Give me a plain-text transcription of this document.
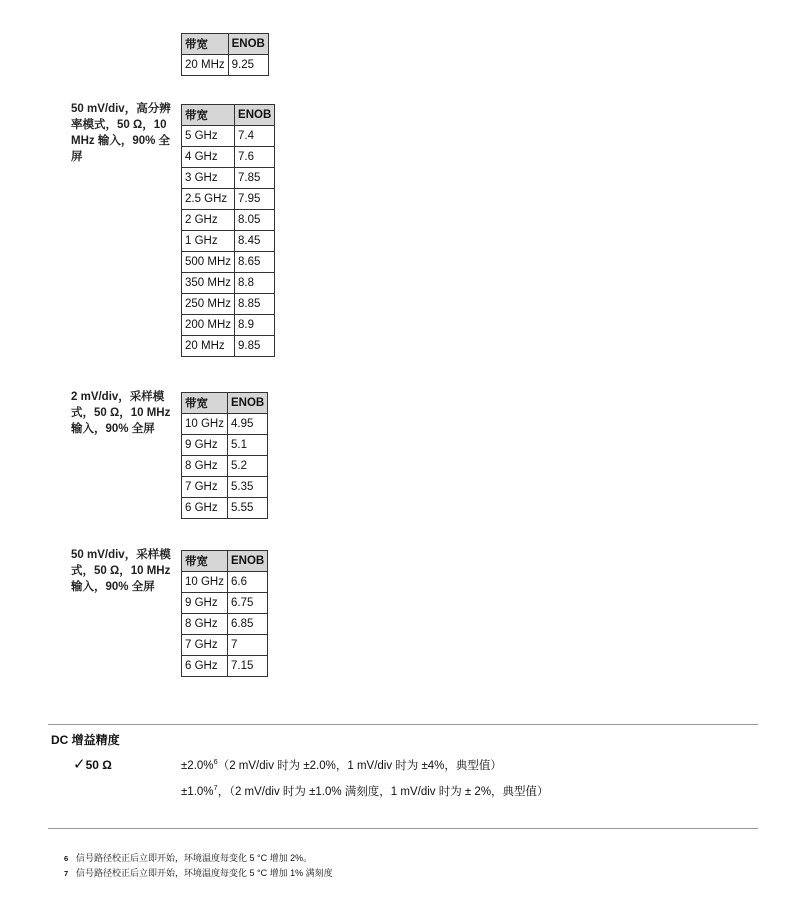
带宽	ENOB
20 MHz	9.25
50 mV/div，高分辨率模式，50 Ω，10 MHz 输入，90% 全屏
带宽	ENOB
5 GHz	7.4
4 GHz	7.6
3 GHz	7.85
2.5 GHz	7.95
2 GHz	8.05
1 GHz	8.45
500 MHz	8.65
350 MHz	8.8
250 MHz	8.85
200 MHz	8.9
20 MHz	9.85
2 mV/div，采样模式，50 Ω，10 MHz 输入，90% 全屏
带宽	ENOB
10 GHz	4.95
9 GHz	5.1
8 GHz	5.2
7 GHz	5.35
6 GHz	5.55
50 mV/div，采样模式，50 Ω，10 MHz 输入，90% 全屏
带宽	ENOB
10 GHz	6.6
9 GHz	6.75
8 GHz	6.85
7 GHz	7
6 GHz	7.15
DC 增益精度
✓50 Ω	±2.0%$^6$（2 mV/div 时为 ±2.0%，1 mV/div 时为 ±4%，典型值）
±1.0%$^7$，（2 mV/div 时为 ±1.0% 满刻度，1 mV/div 时为 ± 2%，典型值）
6 信号路径校正后立即开始，环境温度每变化 5 °C 增加 2%。
7 信号路径校正后立即开始，环境温度每变化 5 °C 增加 1% 满刻度
